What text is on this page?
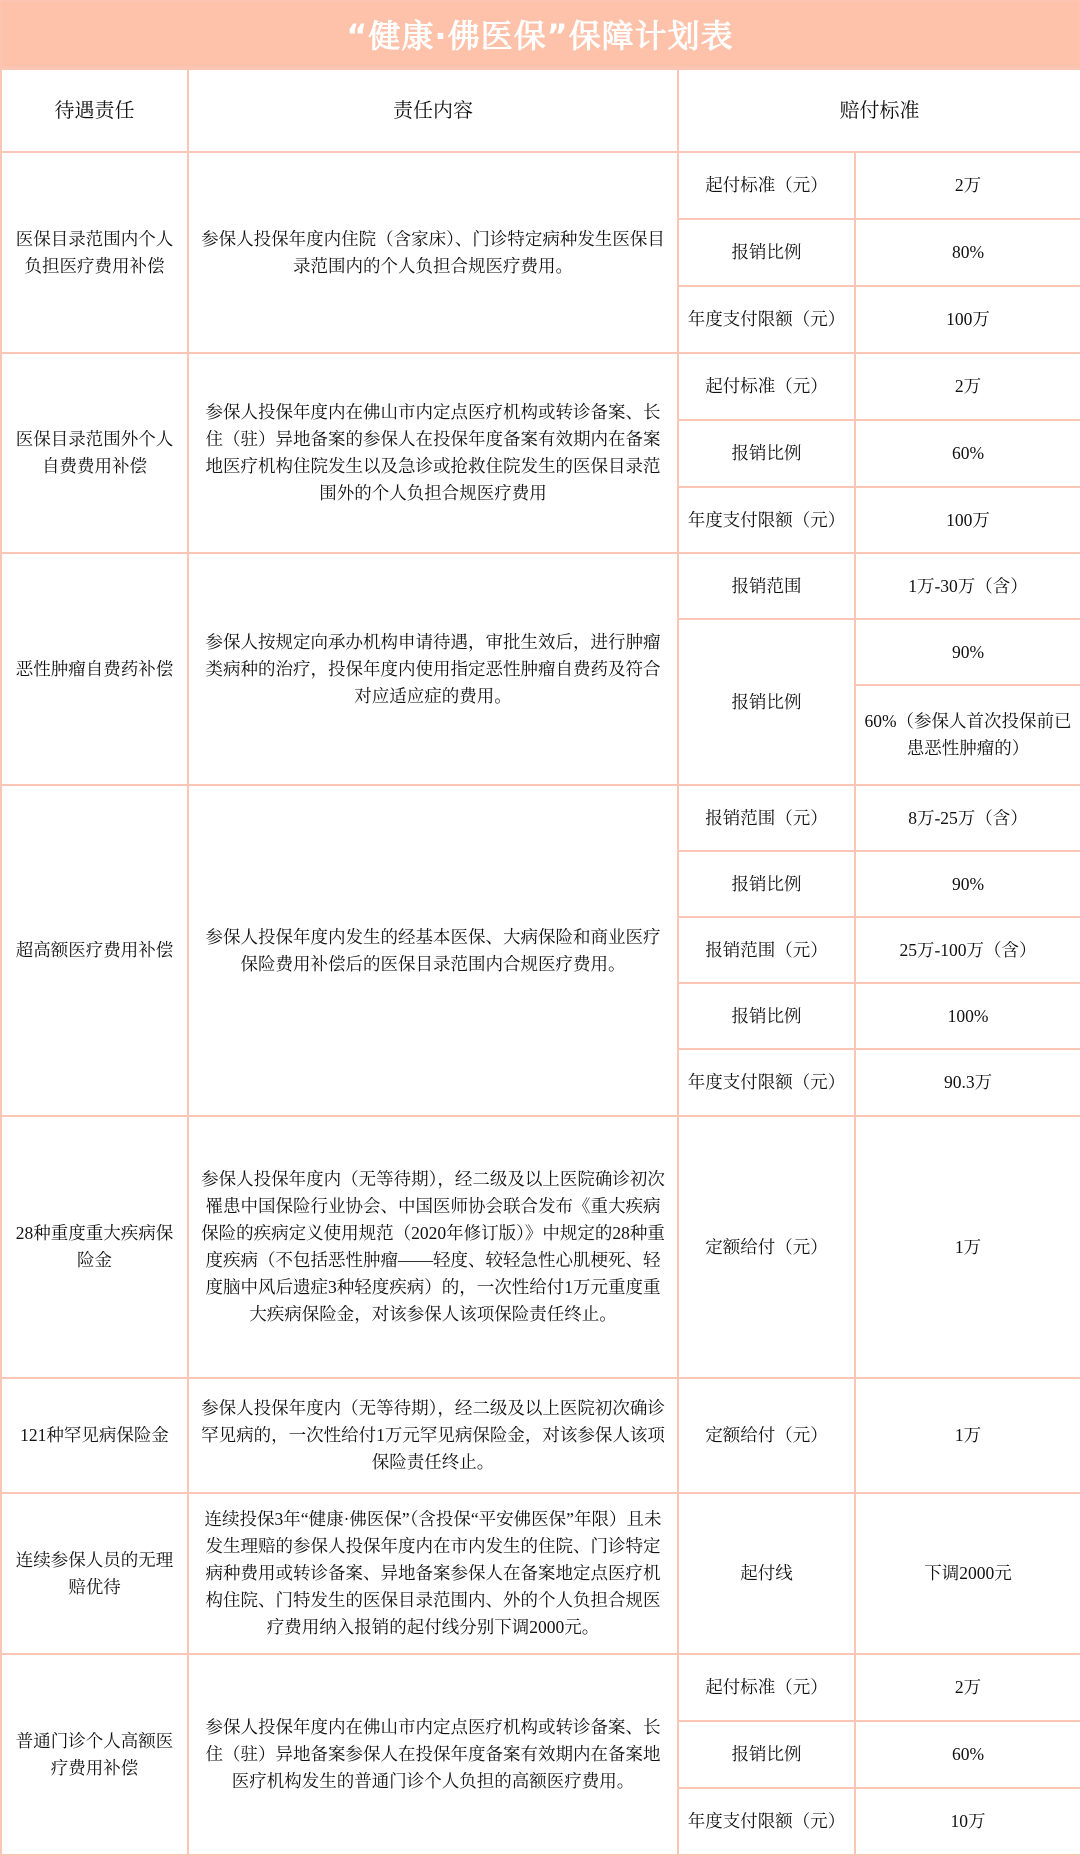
“健康·佛医保”保障计划表
待遇责任	责任内容	赔付标准	
医保目录范围内个人负担医疗费用补偿	参保人投保年度内住院（含家床）、门诊特定病种发生医保目录范围内的个人负担合规医疗费用。	起付标准（元）	2万
		报销比例	80%
		年度支付限额（元）	100万
医保目录范围外个人自费费用补偿	参保人投保年度内在佛山市内定点医疗机构或转诊备案、长住（驻）异地备案的参保人在投保年度备案有效期内在备案地医疗机构住院发生以及急诊或抢救住院发生的医保目录范围外的个人负担合规医疗费用	起付标准（元）	2万
		报销比例	60%
		年度支付限额（元）	100万
恶性肿瘤自费药补偿	参保人按规定向承办机构申请待遇，审批生效后，进行肿瘤类病种的治疗，投保年度内使用指定恶性肿瘤自费药及符合对应适应症的费用。	报销范围	1万-30万（含）
		报销比例	90%
			60%（参保人首次投保前已患恶性肿瘤的）
超高额医疗费用补偿	参保人投保年度内发生的经基本医保、大病保险和商业医疗保险费用补偿后的医保目录范围内合规医疗费用。	报销范围（元）	8万-25万（含）
		报销比例	90%
		报销范围（元）	25万-100万（含）
		报销比例	100%
		年度支付限额（元）	90.3万
28种重度重大疾病保险金	参保人投保年度内（无等待期），经二级及以上医院确诊初次罹患中国保险行业协会、中国医师协会联合发布《重大疾病保险的疾病定义使用规范（2020年修订版）》中规定的28种重度疾病（不包括恶性肿瘤——轻度、较轻急性心肌梗死、轻度脑中风后遗症3种轻度疾病）的，一次性给付1万元重度重大疾病保险金，对该参保人该项保险责任终止。	定额给付（元）	1万
121种罕见病保险金	参保人投保年度内（无等待期），经二级及以上医院初次确诊罕见病的，一次性给付1万元罕见病保险金，对该参保人该项保险责任终止。	定额给付（元）	1万
连续参保人员的无理赔优待	连续投保3年“健康·佛医保”（含投保“平安佛医保”年限）且未发生理赔的参保人投保年度内在市内发生的住院、门诊特定病种费用或转诊备案、异地备案参保人在备案地定点医疗机构住院、门特发生的医保目录范围内、外的个人负担合规医疗费用纳入报销的起付线分别下调2000元。	起付线	下调2000元
普通门诊个人高额医疗费用补偿	参保人投保年度内在佛山市内定点医疗机构或转诊备案、长住（驻）异地备案参保人在投保年度备案有效期内在备案地医疗机构发生的普通门诊个人负担的高额医疗费用。	起付标准（元）	2万
		报销比例	60%
		年度支付限额（元）	10万
